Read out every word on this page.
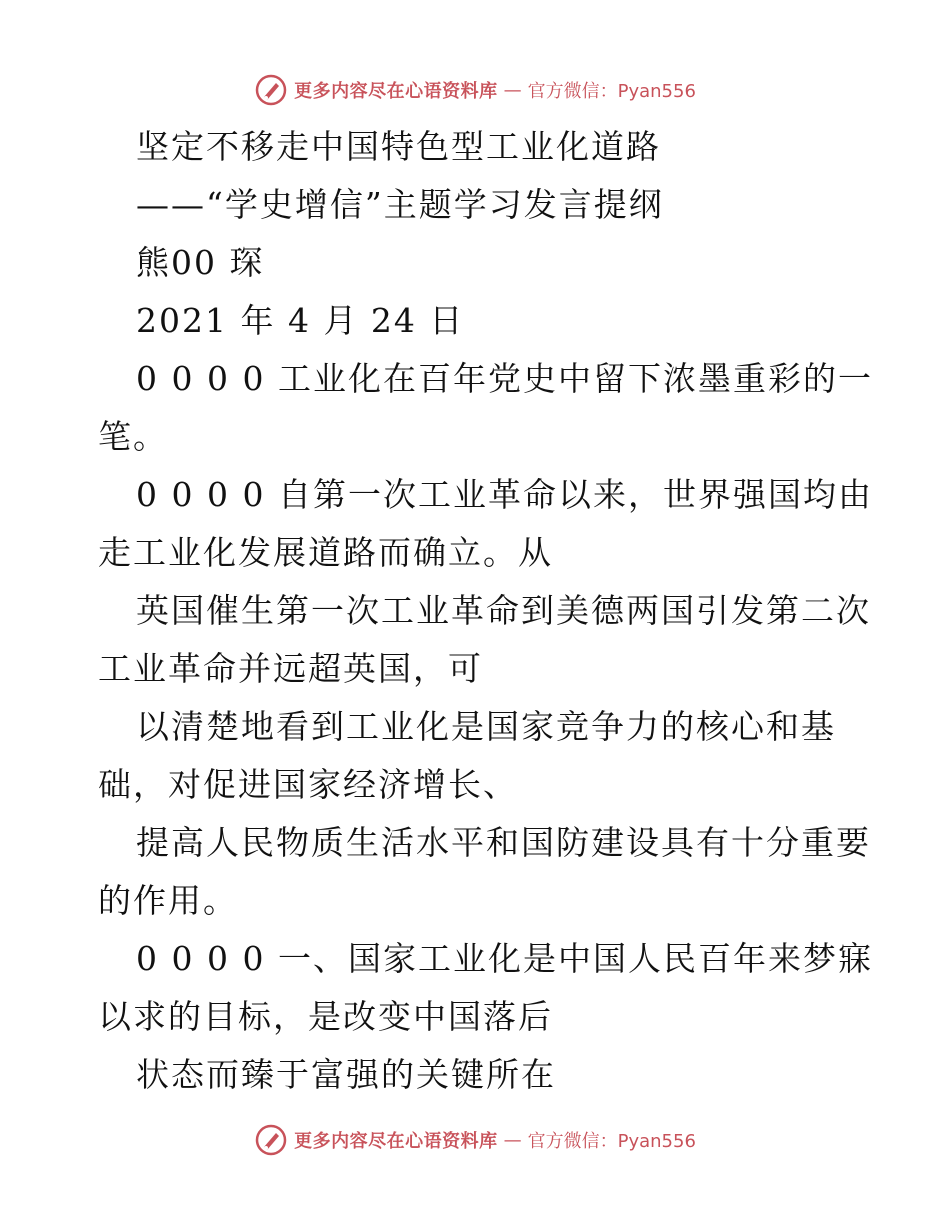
更多内容尽在心语资料库 — 官方微信：Pyan556
坚定不移走中国特色型工业化道路
——“学史增信”主题学习发言提纲
熊00 琛
2021 年 4 月 24 日
0 0 0 0 工业化在百年党史中留下浓墨重彩的一
笔。
0 0 0 0 自第一次工业革命以来，世界强国均由
走工业化发展道路而确立。从
英国催生第一次工业革命到美德两国引发第二次
工业革命并远超英国，可
以清楚地看到工业化是国家竞争力的核心和基
础，对促进国家经济增长、
提高人民物质生活水平和国防建设具有十分重要
的作用。
0 0 0 0 一、国家工业化是中国人民百年来梦寐
以求的目标，是改变中国落后
状态而臻于富强的关键所在
更多内容尽在心语资料库 — 官方微信：Pyan556
